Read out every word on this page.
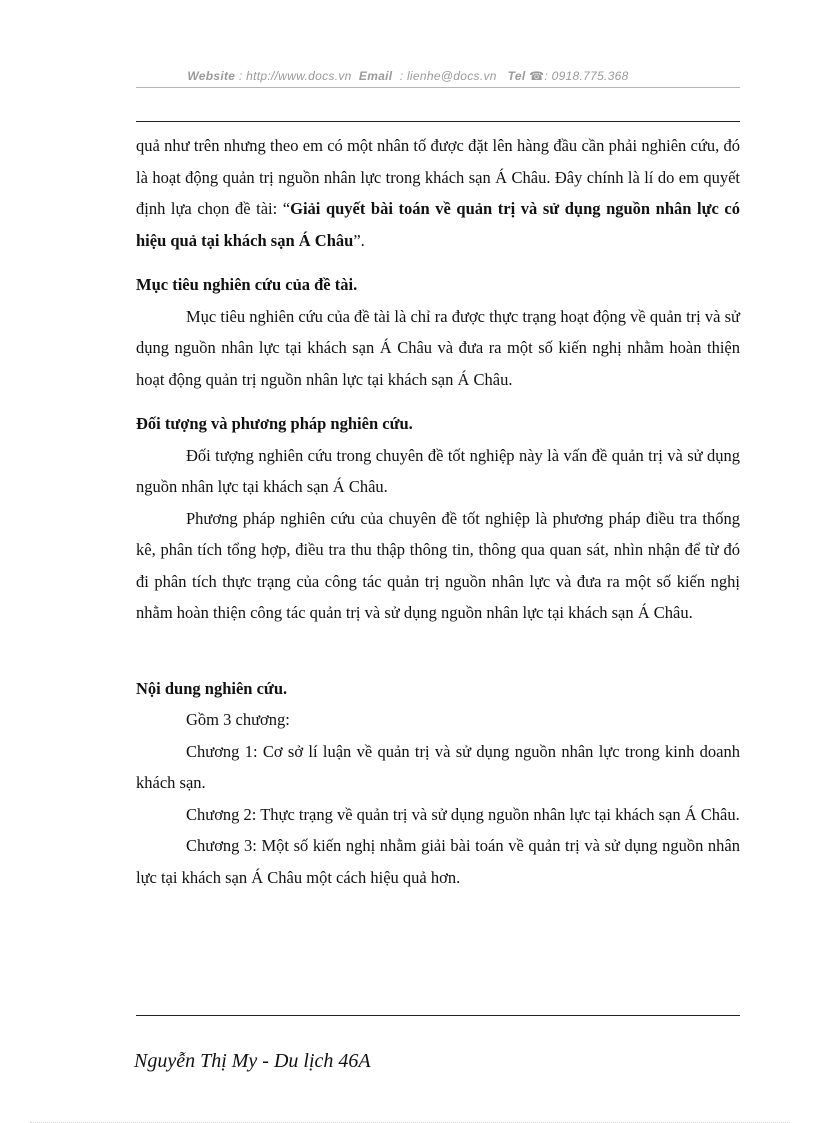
Website : http://www.docs.vn Email : lienhe@docs.vn Tel ☎: 0918.775.368

quả như trên nhưng theo em có một nhân tố được đặt lên hàng đầu cần phải nghiên cứu, đó là hoạt động quản trị nguồn nhân lực trong khách sạn Á Châu. Đây chính là lí do em quyết định lựa chọn đề tài: “Giải quyết bài toán về quản trị và sử dụng nguồn nhân lực có hiệu quả tại khách sạn Á Châu”.

Mục tiêu nghiên cứu của đề tài.

Mục tiêu nghiên cứu của đề tài là chỉ ra được thực trạng hoạt động về quản trị và sử dụng nguồn nhân lực tại khách sạn Á Châu và đưa ra một số kiến nghị nhằm hoàn thiện hoạt động quản trị nguồn nhân lực tại khách sạn Á Châu.

Đối tượng và phương pháp nghiên cứu.

Đối tượng nghiên cứu trong chuyên đề tốt nghiệp này là vấn đề quản trị và sử dụng nguồn nhân lực tại khách sạn Á Châu.

Phương pháp nghiên cứu của chuyên đề tốt nghiệp là phương pháp điều tra thống kê, phân tích tổng hợp, điều tra thu thập thông tin, thông qua quan sát, nhìn nhận để từ đó đi phân tích thực trạng của công tác quản trị nguồn nhân lực và đưa ra một số kiến nghị nhằm hoàn thiện công tác quản trị và sử dụng nguồn nhân lực tại khách sạn Á Châu.

Nội dung nghiên cứu.

Gồm 3 chương:

Chương 1: Cơ sở lí luận về quản trị và sử dụng nguồn nhân lực trong kinh doanh khách sạn.

Chương 2: Thực trạng về quản trị và sử dụng nguồn nhân lực tại khách sạn Á Châu.

Chương 3: Một số kiến nghị nhằm giải bài toán về quản trị và sử dụng nguồn nhân lực tại khách sạn Á Châu một cách hiệu quả hơn.

Nguyễn Thị My - Du lịch 46A
